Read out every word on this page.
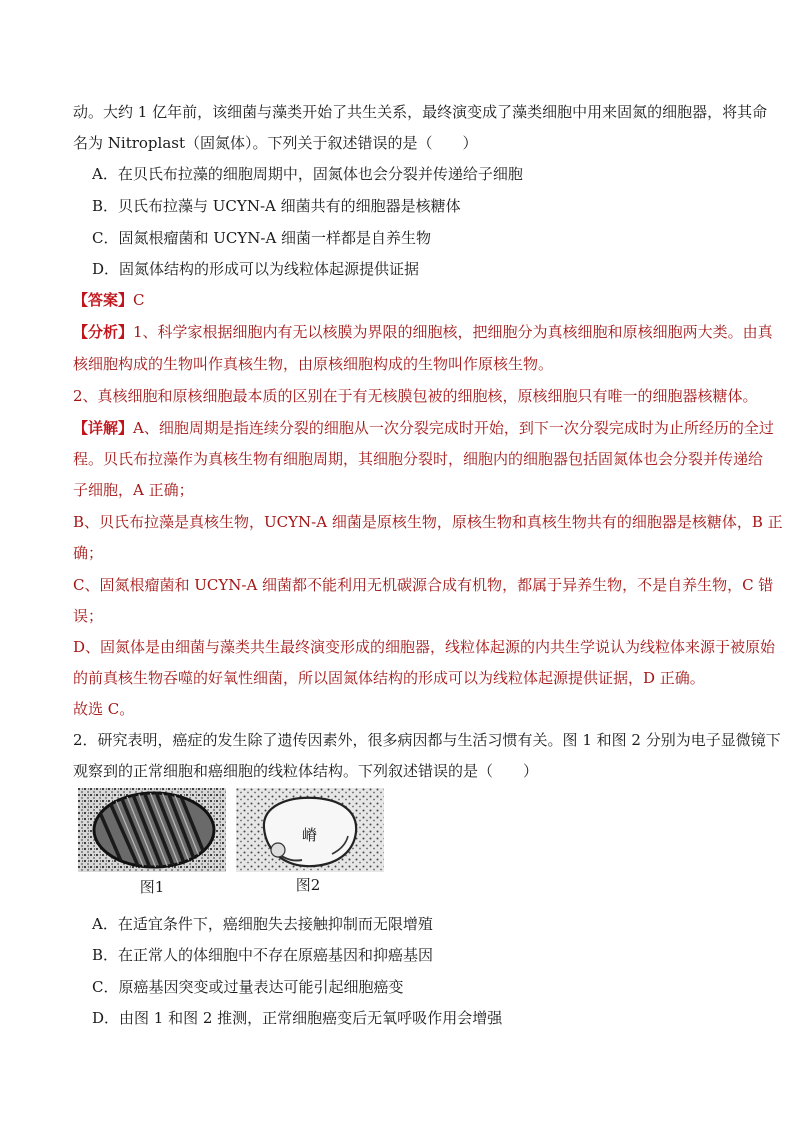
动。大约 1 亿年前，该细菌与藻类开始了共生关系，最终演变成了藻类细胞中用来固氮的细胞器，将其命
名为 Nitroplast（固氮体）。下列关于叙述错误的是（　　）
A．在贝氏布拉藻的细胞周期中，固氮体也会分裂并传递给子细胞
B．贝氏布拉藻与 UCYN-A 细菌共有的细胞器是核糖体
C．固氮根瘤菌和 UCYN-A 细菌一样都是自养生物
D．固氮体结构的形成可以为线粒体起源提供证据
【答案】C
【分析】1、科学家根据细胞内有无以核膜为界限的细胞核，把细胞分为真核细胞和原核细胞两大类。由真
核细胞构成的生物叫作真核生物，由原核细胞构成的生物叫作原核生物。
2、真核细胞和原核细胞最本质的区别在于有无核膜包被的细胞核，原核细胞只有唯一的细胞器核糖体。
【详解】A、细胞周期是指连续分裂的细胞从一次分裂完成时开始，到下一次分裂完成时为止所经历的全过
程。贝氏布拉藻作为真核生物有细胞周期，其细胞分裂时，细胞内的细胞器包括固氮体也会分裂并传递给
子细胞，A 正确；
B、贝氏布拉藻是真核生物，UCYN-A 细菌是原核生物，原核生物和真核生物共有的细胞器是核糖体，B 正
确；
C、固氮根瘤菌和 UCYN-A 细菌都不能利用无机碳源合成有机物，都属于异养生物，不是自养生物，C 错
误；
D、固氮体是由细菌与藻类共生最终演变形成的细胞器，线粒体起源的内共生学说认为线粒体来源于被原始
的前真核生物吞噬的好氧性细菌，所以固氮体结构的形成可以为线粒体起源提供证据，D 正确。
故选 C。
2．研究表明，癌症的发生除了遗传因素外，很多病因都与生活习惯有关。图 1 和图 2 分别为电子显微镜下
观察到的正常细胞和癌细胞的线粒体结构。下列叙述错误的是（　　）
嵴
图1	图2
A．在适宜条件下，癌细胞失去接触抑制而无限增殖
B．在正常人的体细胞中不存在原癌基因和抑癌基因
C．原癌基因突变或过量表达可能引起细胞癌变
D．由图 1 和图 2 推测，正常细胞癌变后无氧呼吸作用会增强
